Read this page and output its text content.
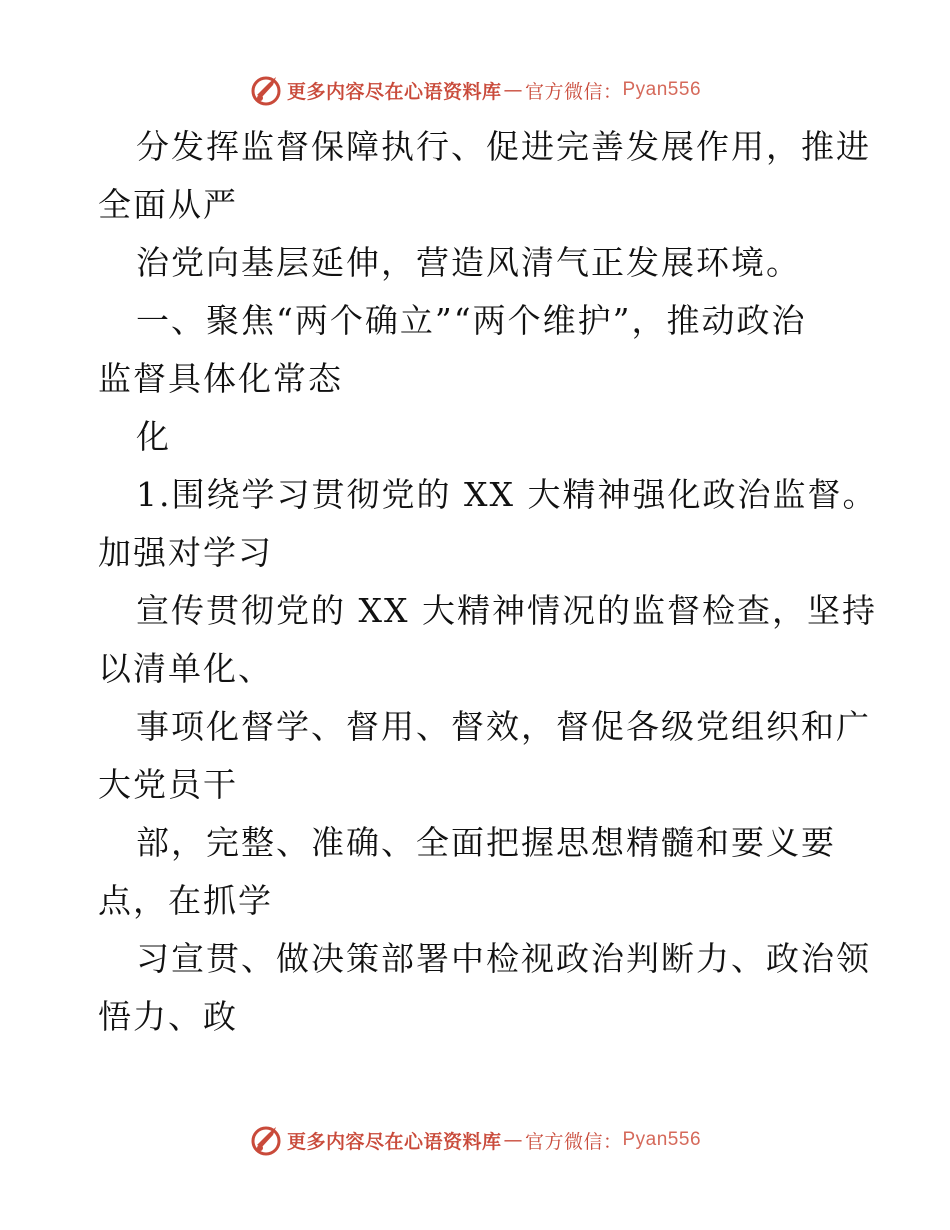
更多内容尽在心语资料库 — 官方微信： Pyan556
分发挥监督保障执行、促进完善发展作用，推进
全面从严
治党向基层延伸，营造风清气正发展环境。
一、聚焦“两个确立”“两个维护”，推动政治
监督具体化常态
化
1.围绕学习贯彻党的 XX 大精神强化政治监督。
加强对学习
宣传贯彻党的 XX 大精神情况的监督检查，坚持
以清单化、
事项化督学、督用、督效，督促各级党组织和广
大党员干
部，完整、准确、全面把握思想精髓和要义要
点，在抓学
习宣贯、做决策部署中检视政治判断力、政治领
悟力、政
更多内容尽在心语资料库 — 官方微信： Pyan556
